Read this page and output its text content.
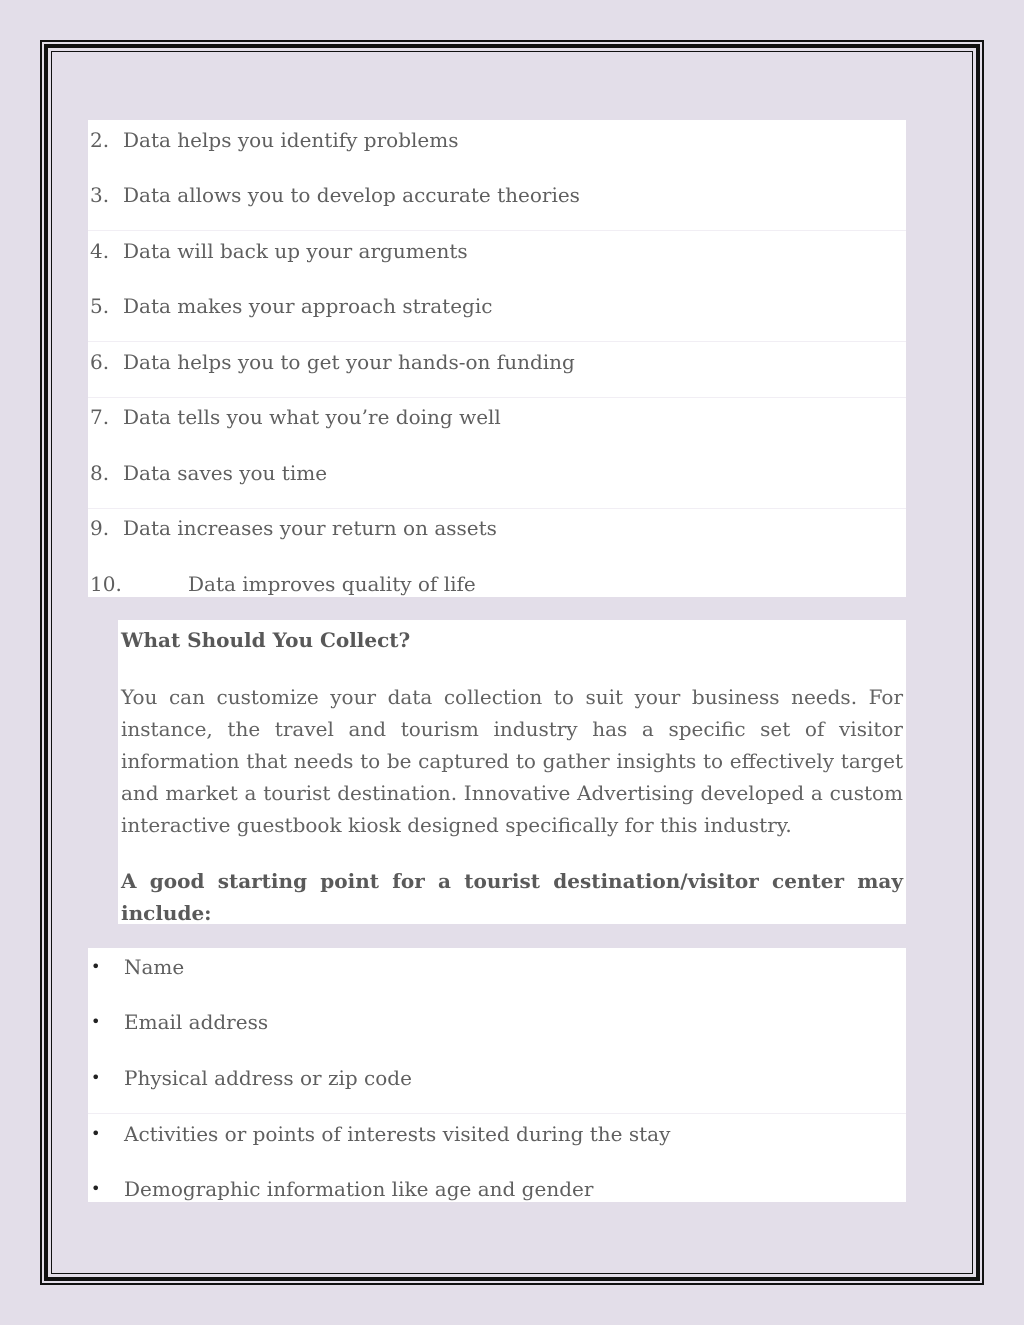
2. Data helps you identify problems
3. Data allows you to develop accurate theories
4. Data will back up your arguments
5. Data makes your approach strategic
6. Data helps you to get your hands-on funding
7. Data tells you what you’re doing well
8. Data saves you time
9. Data increases your return on assets
10.	Data improves quality of life
What Should You Collect?
You can customize your data collection to suit your business needs. For instance, the travel and tourism industry has a specific set of visitor information that needs to be captured to gather insights to effectively target and market a tourist destination. Innovative Advertising developed a custom interactive guestbook kiosk designed specifically for this industry.
A good starting point for a tourist destination/visitor center may include:
• Name
• Email address
• Physical address or zip code
• Activities or points of interests visited during the stay
• Demographic information like age and gender
